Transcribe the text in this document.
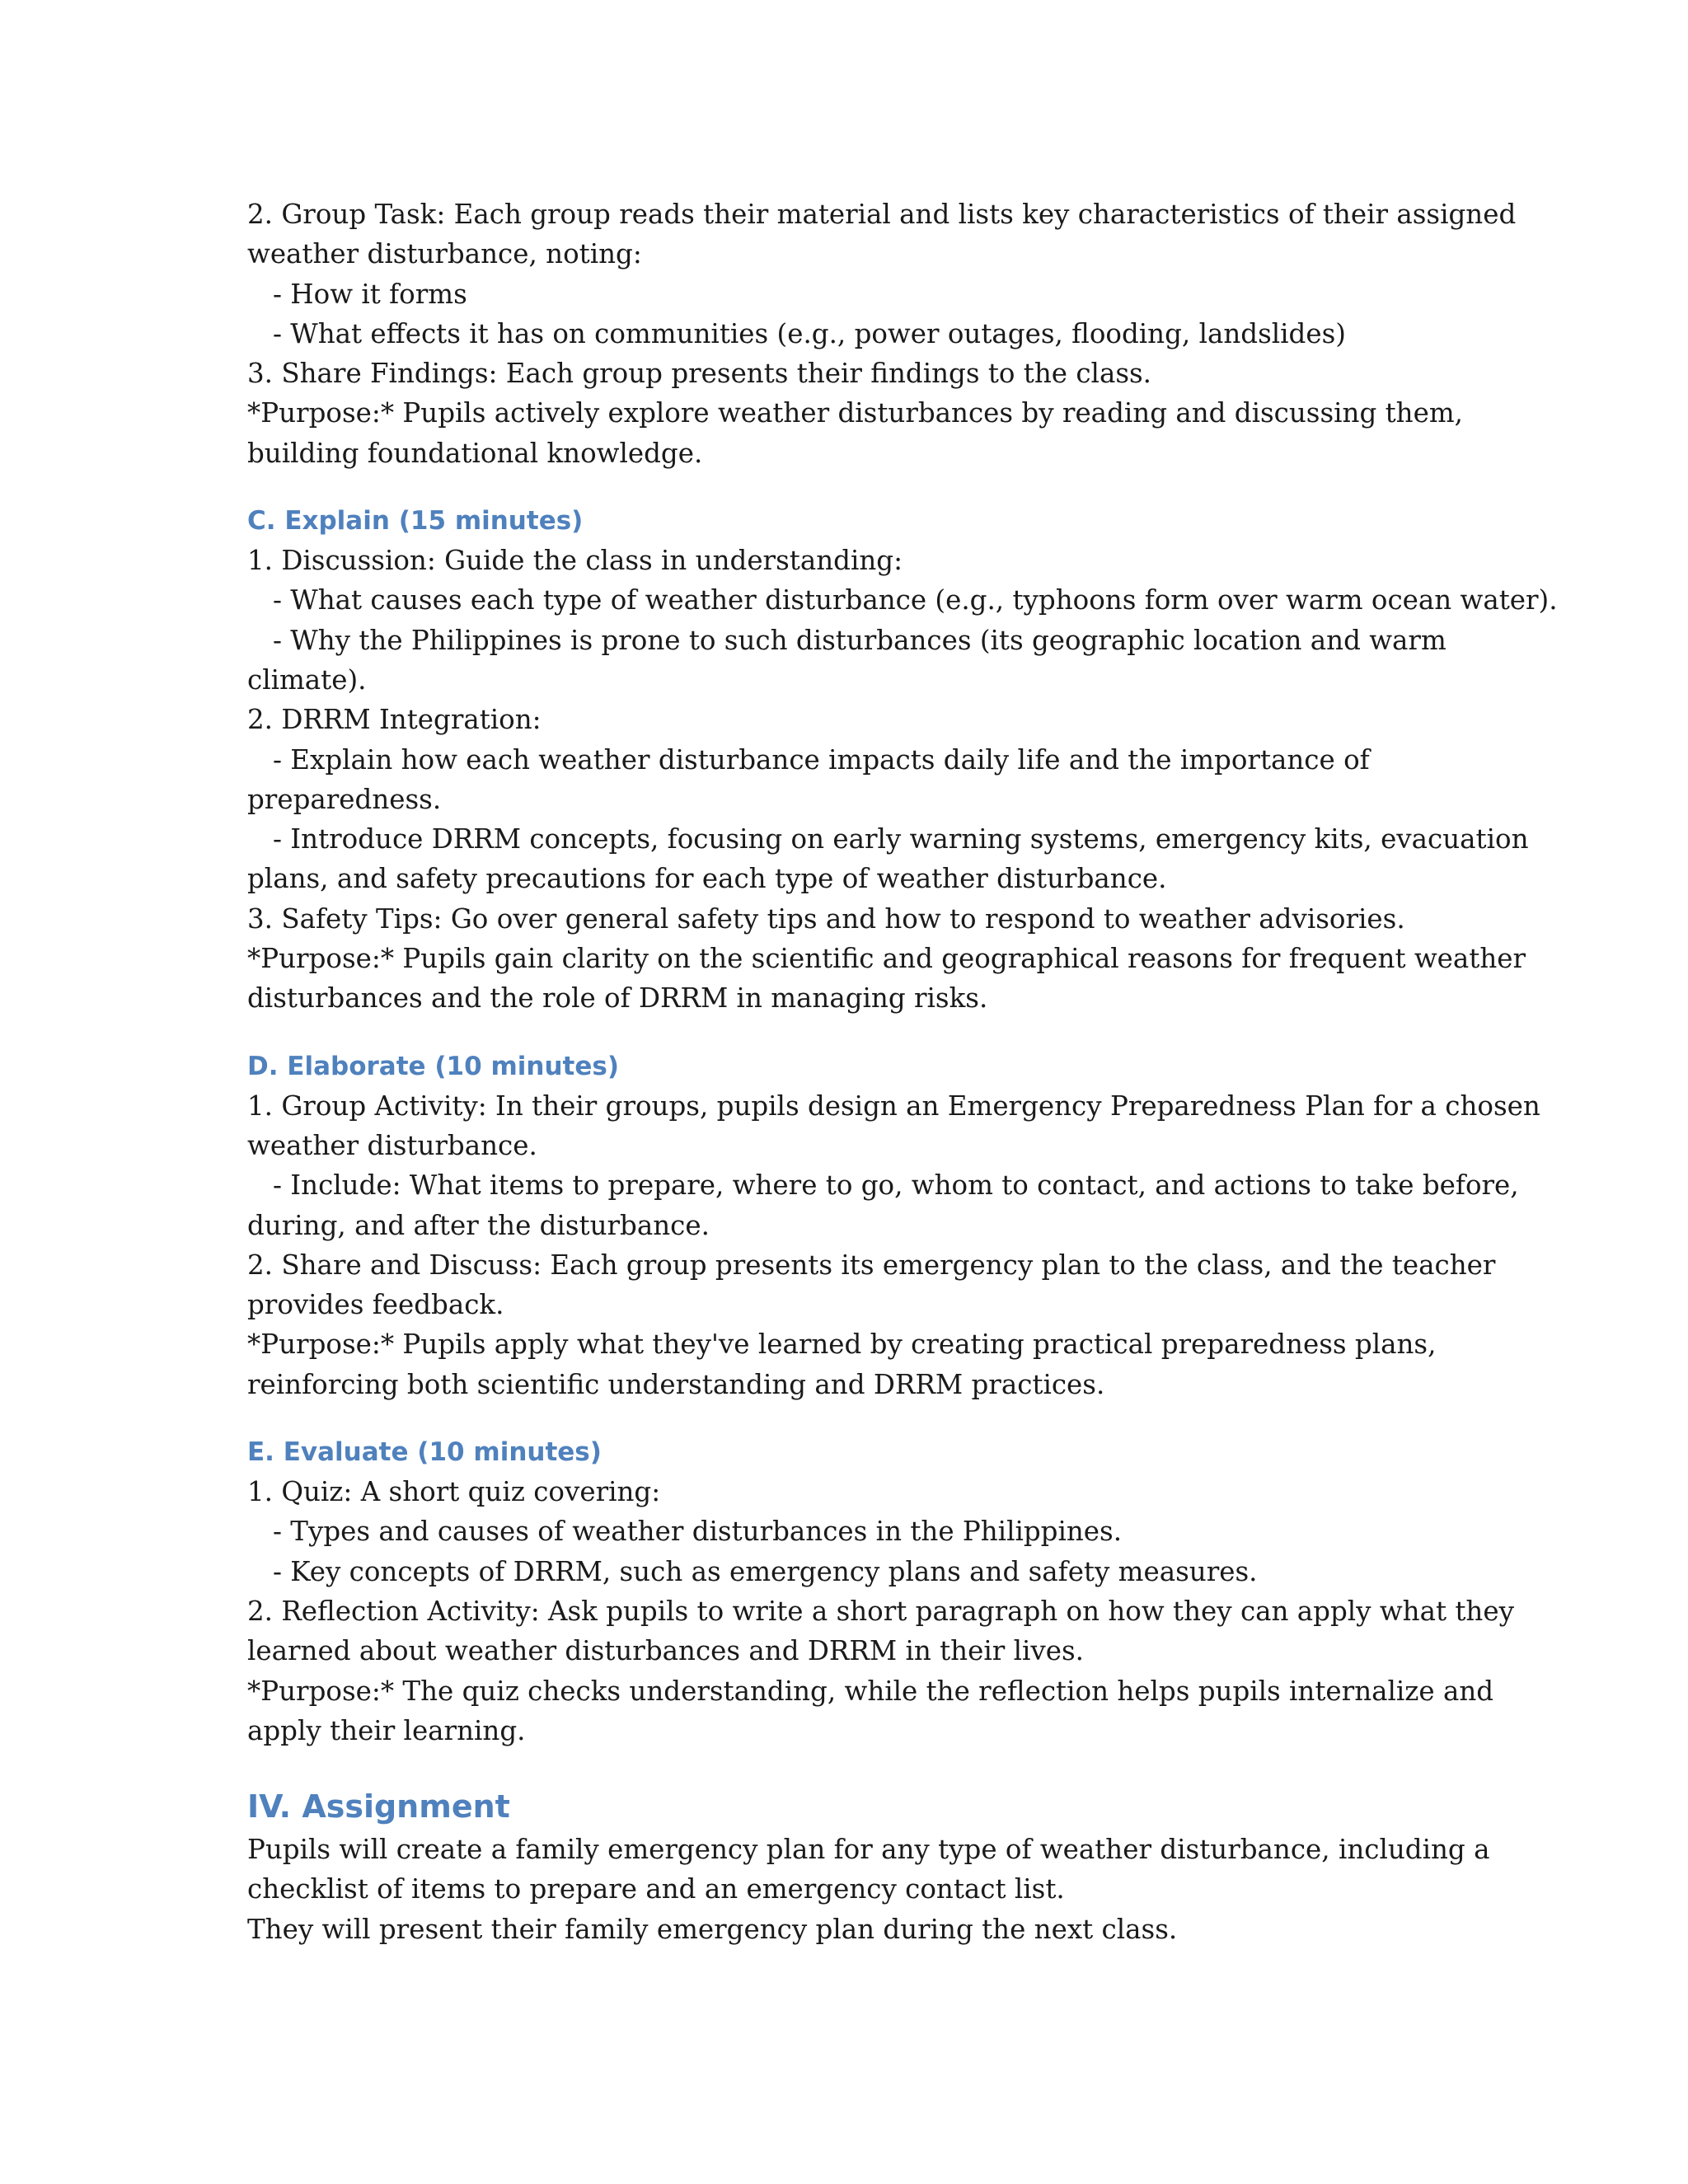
2. Group Task: Each group reads their material and lists key characteristics of their assigned

weather disturbance, noting:

- How it forms

- What effects it has on communities (e.g., power outages, flooding, landslides)

3. Share Findings: Each group presents their findings to the class.

*Purpose:* Pupils actively explore weather disturbances by reading and discussing them,

building foundational knowledge.

C. Explain (15 minutes)

1. Discussion: Guide the class in understanding:

- What causes each type of weather disturbance (e.g., typhoons form over warm ocean water).

- Why the Philippines is prone to such disturbances (its geographic location and warm

climate).

2. DRRM Integration:

- Explain how each weather disturbance impacts daily life and the importance of

preparedness.

- Introduce DRRM concepts, focusing on early warning systems, emergency kits, evacuation

plans, and safety precautions for each type of weather disturbance.

3. Safety Tips: Go over general safety tips and how to respond to weather advisories.

*Purpose:* Pupils gain clarity on the scientific and geographical reasons for frequent weather

disturbances and the role of DRRM in managing risks.

D. Elaborate (10 minutes)

1. Group Activity: In their groups, pupils design an Emergency Preparedness Plan for a chosen

weather disturbance.

- Include: What items to prepare, where to go, whom to contact, and actions to take before,

during, and after the disturbance.

2. Share and Discuss: Each group presents its emergency plan to the class, and the teacher

provides feedback.

*Purpose:* Pupils apply what they've learned by creating practical preparedness plans,

reinforcing both scientific understanding and DRRM practices.

E. Evaluate (10 minutes)

1. Quiz: A short quiz covering:

- Types and causes of weather disturbances in the Philippines.

- Key concepts of DRRM, such as emergency plans and safety measures.

2. Reflection Activity: Ask pupils to write a short paragraph on how they can apply what they

learned about weather disturbances and DRRM in their lives.

*Purpose:* The quiz checks understanding, while the reflection helps pupils internalize and

apply their learning.

IV. Assignment

Pupils will create a family emergency plan for any type of weather disturbance, including a

checklist of items to prepare and an emergency contact list.

They will present their family emergency plan during the next class.
